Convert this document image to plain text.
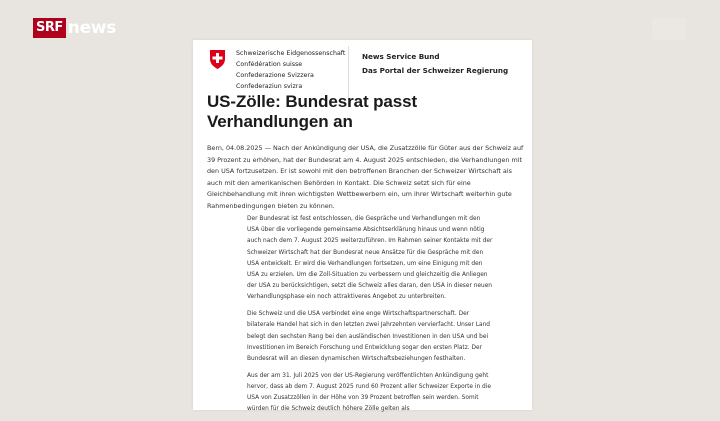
SRF news
Schweizerische Eidgenossenschaft
Confédération suisse
Confederazione Svizzera
Confederaziun svizra
News Service Bund
Das Portal der Schweizer Regierung
US-Zölle: Bundesrat passt Verhandlungen an

Bern, 04.08.2025 — Nach der Ankündigung der USA, die Zusatzzölle für Güter aus der Schweiz auf 39 Prozent zu erhöhen, hat der Bundesrat am 4. August 2025 entschieden, die Verhandlungen mit den USA fortzusetzen. Er ist sowohl mit den betroffenen Branchen der Schweizer Wirtschaft als auch mit den amerikanischen Behörden in Kontakt. Die Schweiz setzt sich für eine Gleichbehandlung mit ihren wichtigsten Wettbewerbern ein, um ihrer Wirtschaft weiterhin gute Rahmenbedingungen bieten zu können.

Der Bundesrat ist fest entschlossen, die Gespräche und Verhandlungen mit den USA über die vorliegende gemeinsame Absichtserklärung hinaus und wenn nötig auch nach dem 7. August 2025 weiterzuführen. Im Rahmen seiner Kontakte mit der Schweizer Wirtschaft hat der Bundesrat neue Ansätze für die Gespräche mit den USA entwickelt. Er wird die Verhandlungen fortsetzen, um eine Einigung mit den USA zu erzielen. Um die Zoll-Situation zu verbessern und gleichzeitig die Anliegen der USA zu berücksichtigen, setzt die Schweiz alles daran, den USA in dieser neuen Verhandlungsphase ein noch attraktiveres Angebot zu unterbreiten.

Die Schweiz und die USA verbindet eine enge Wirtschaftspartnerschaft. Der bilaterale Handel hat sich in den letzten zwei Jahrzehnten vervierfacht. Unser Land belegt den sechsten Rang bei den ausländischen Investitionen in den USA und bei Investitionen im Bereich Forschung und Entwicklung sogar den ersten Platz. Der Bundesrat will an diesen dynamischen Wirtschaftsbeziehungen festhalten.

Aus der am 31. Juli 2025 von der US-Regierung veröffentlichten Ankündigung geht hervor, dass ab dem 7. August 2025 rund 60 Prozent aller Schweizer Exporte in die USA von Zusatzzöllen in der Höhe von 39 Prozent betroffen sein werden. Somit würden für die Schweiz deutlich höhere Zölle gelten als
